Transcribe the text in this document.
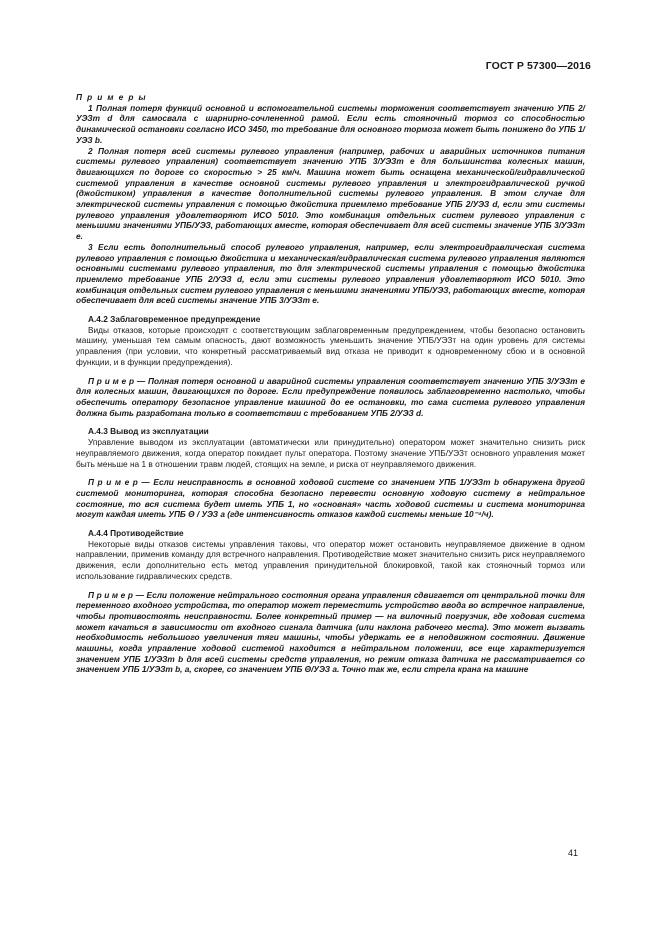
ГОСТ Р 57300—2016

П р и м е р ы

1 Полная потеря функций основной и вспомогательной системы торможения соответствует значению УПБ 2/УЭЗт d для самосвала с шарнирно-сочлененной рамой. Если есть стояночный тормоз со способностью динамической остановки согласно ИСО 3450, то требование для основного тормоза может быть понижено до УПБ 1/УЭЗ b.

2 Полная потеря всей системы рулевого управления (например, рабочих и аварийных источников питания системы рулевого управления) соответствует значению УПБ 3/УЭЗт е для большинства колесных машин, двигающихся по дороге со скоростью > 25 км/ч. Машина может быть оснащена механической/гидравлической системой управления в качестве основной системы рулевого управления и электрогидравлической ручкой (джойстиком) управления в качестве дополнительной системы рулевого управления. В этом случае для электрической системы управления с помощью джойстика приемлемо требование УПБ 2/УЭЗ d, если эти системы рулевого управления удовлетворяют ИСО 5010. Это комбинация отдельных систем рулевого управления с меньшими значениями УПБ/УЭЗ, работающих вместе, которая обеспечивает для всей системы значение УПБ 3/УЭЗт е.

3 Если есть дополнительный способ рулевого управления, например, если электрогидравлическая система рулевого управления с помощью джойстика и механическая/гидравлическая система рулевого управления являются основными системами рулевого управления, то для электрической системы управления с помощью джойстика приемлемо требование УПБ 2/УЭЗ d, если эти системы рулевого управления удовлетворяют ИСО 5010. Это комбинация отдельных систем рулевого управления с меньшими значениями УПБ/УЭЗ, работающих вместе, которая обеспечивает для всей системы значение УПБ 3/УЭЗт е.

А.4.2 Заблаговременное предупреждение

Виды отказов, которые происходят с соответствующим заблаговременным предупреждением, чтобы безопасно остановить машину, уменьшая тем самым опасность, дают возможность уменьшить значение УПБ/УЭЗт на один уровень для системы управления (при условии, что конкретный рассматриваемый вид отказа не приводит к одновременному сбою и в основной функции, и в функции предупреждения).

П р и м е р — Полная потеря основной и аварийной системы управления соответствует значению УПБ 3/УЭЗт е для колесных машин, двигающихся по дороге. Если предупреждение появилось заблаговременно настолько, чтобы обеспечить оператору безопасное управление машиной до ее остановки, то сама система рулевого управления должна быть разработана только в соответствии с требованием УПБ 2/УЭЗ d.

А.4.3 Вывод из эксплуатации

Управление выводом из эксплуатации (автоматически или принудительно) оператором может значительно снизить риск неуправляемого движения, когда оператор покидает пульт оператора. Поэтому значение УПБ/УЭЗт основного управления может быть меньше на 1 в отношении травм людей, стоящих на земле, и риска от неуправляемого движения.

П р и м е р — Если неисправность в основной ходовой системе со значением УПБ 1/УЭЗт b обнаружена другой системой мониторинга, которая способна безопасно перевести основную ходовую систему в нейтральное состояние, то вся система будет иметь УПБ 1, но «основная» часть ходовой системы и система мониторинга могут каждая иметь УПБ Θ / УЭЗ а (где интенсивность отказов каждой системы меньше 10⁻⁴/ч).

А.4.4 Противодействие

Некоторые виды отказов системы управления таковы, что оператор может остановить неуправляемое движение в одном направлении, применив команду для встречного направления. Противодействие может значительно снизить риск неуправляемого движения, если дополнительно есть метод управления принудительной блокировкой, такой как стояночный тормоз или использование гидравлических средств.

П р и м е р — Если положение нейтрального состояния органа управления сдвигается от центральной точки для переменного входного устройства, то оператор может переместить устройство ввода во встречное направление, чтобы противостоять неисправности. Более конкретный пример — на вилочный погрузчик, где ходовая система может качаться в зависимости от входного сигнала датчика (или наклона рабочего места). Это может вызвать необходимость небольшого увеличения тяги машины, чтобы удержать ее в неподвижном состоянии. Движение машины, когда управление ходовой системой находится в нейтральном положении, все еще характеризуется значением УПБ 1/УЭЗт b для всей системы средств управления, но режим отказа датчика не рассматривается со значением УПБ 1/УЭЗт b, а, скорее, со значением УПБ Θ/УЭЗ а. Точно так же, если стрела крана на машине

41
